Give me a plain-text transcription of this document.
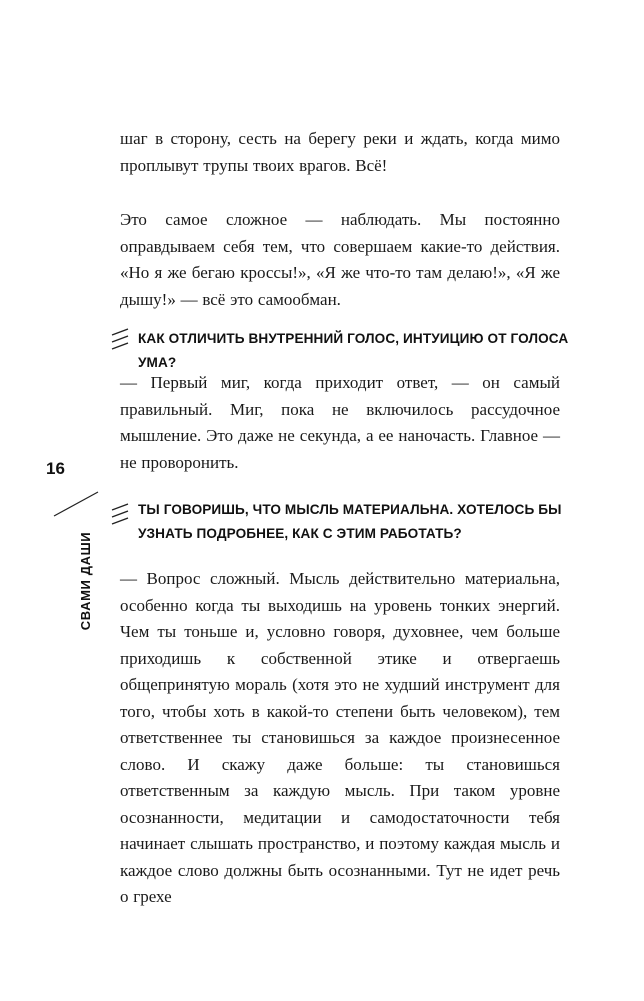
шаг в сторону, сесть на берегу реки и ждать, когда мимо проплывут трупы твоих врагов. Всё!

Это самое сложное — наблюдать. Мы постоянно оправдываем себя тем, что совершаем какие-то действия. «Но я же бегаю кроссы!», «Я же что-то там делаю!», «Я же дышу!» — всё это самообман.

КАК ОТЛИЧИТЬ ВНУТРЕННИЙ ГОЛОС, ИНТУИЦИЮ ОТ ГОЛОСА УМА?

— Первый миг, когда приходит ответ, — он самый правильный. Миг, пока не включилось рассудочное мышление. Это даже не секунда, а ее наночасть. Главное — не проворонить.

ТЫ ГОВОРИШЬ, ЧТО МЫСЛЬ МАТЕРИАЛЬНА. ХОТЕЛОСЬ БЫ УЗНАТЬ ПОДРОБНЕЕ, КАК С ЭТИМ РАБОТАТЬ?

— Вопрос сложный. Мысль действительно материальна, особенно когда ты выходишь на уровень тонких энергий. Чем ты тоньше и, условно говоря, духовнее, чем больше приходишь к собственной этике и отвергаешь общепринятую мораль (хотя это не худший инструмент для того, чтобы хоть в какой-то степени быть человеком), тем ответственнее ты становишься за каждое произнесенное слово. И скажу даже больше: ты становишься ответственным за каждую мысль. При таком уровне осознанности, медитации и самодостаточности тебя начинает слышать пространство, и поэтому каждая мысль и каждое слово должны быть осознанными. Тут не идет речь о грехе

16
СВАМИ ДАШИ
